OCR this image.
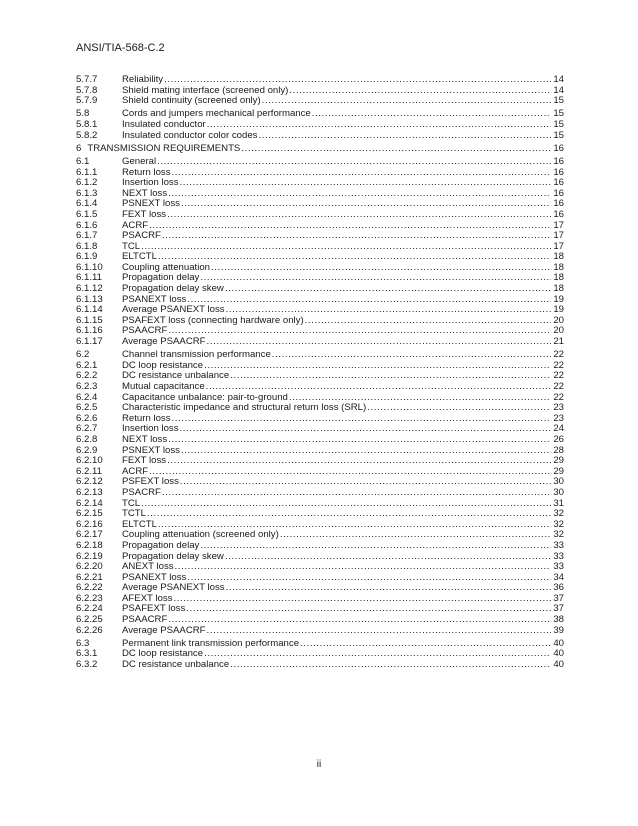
ANSI/TIA-568-C.2
5.7.7	Reliability .....	14
5.7.8	Shield mating interface (screened only) .....	14
5.7.9	Shield continuity (screened only) .....	15
5.8	Cords and jumpers mechanical performance .....	15
5.8.1	Insulated conductor .....	15
5.8.2	Insulated conductor color codes .....	15
6 TRANSMISSION REQUIREMENTS .....	16
6.1	General .....	16
6.1.1	Return loss .....	16
6.1.2	Insertion loss .....	16
6.1.3	NEXT loss .....	16
6.1.4	PSNEXT loss .....	16
6.1.5	FEXT loss .....	16
6.1.6	ACRF .....	17
6.1.7	PSACRF .....	17
6.1.8	TCL .....	17
6.1.9	ELTCTL .....	18
6.1.10	Coupling attenuation .....	18
6.1.11	Propagation delay .....	18
6.1.12	Propagation delay skew .....	18
6.1.13	PSANEXT loss .....	19
6.1.14	Average PSANEXT loss .....	19
6.1.15	PSAFEXT loss (connecting hardware only) .....	20
6.1.16	PSAACRF .....	20
6.1.17	Average PSAACRF .....	21
6.2	Channel transmission performance .....	22
6.2.1	DC loop resistance .....	22
6.2.2	DC resistance unbalance .....	22
6.2.3	Mutual capacitance .....	22
6.2.4	Capacitance unbalance: pair-to-ground .....	22
6.2.5	Characteristic impedance and structural return loss (SRL) .....	23
6.2.6	Return loss .....	23
6.2.7	Insertion loss .....	24
6.2.8	NEXT loss .....	26
6.2.9	PSNEXT loss .....	28
6.2.10	FEXT loss .....	29
6.2.11	ACRF .....	29
6.2.12	PSFEXT loss .....	30
6.2.13	PSACRF .....	30
6.2.14	TCL .....	31
6.2.15	TCTL .....	32
6.2.16	ELTCTL .....	32
6.2.17	Coupling attenuation (screened only) .....	32
6.2.18	Propagation delay .....	33
6.2.19	Propagation delay skew .....	33
6.2.20	ANEXT loss .....	33
6.2.21	PSANEXT loss .....	34
6.2.22	Average PSANEXT loss .....	36
6.2.23	AFEXT loss .....	37
6.2.24	PSAFEXT loss .....	37
6.2.25	PSAACRF .....	38
6.2.26	Average PSAACRF .....	39
6.3	Permanent link transmission performance .....	40
6.3.1	DC loop resistance .....	40
6.3.2	DC resistance unbalance .....	40
ii
